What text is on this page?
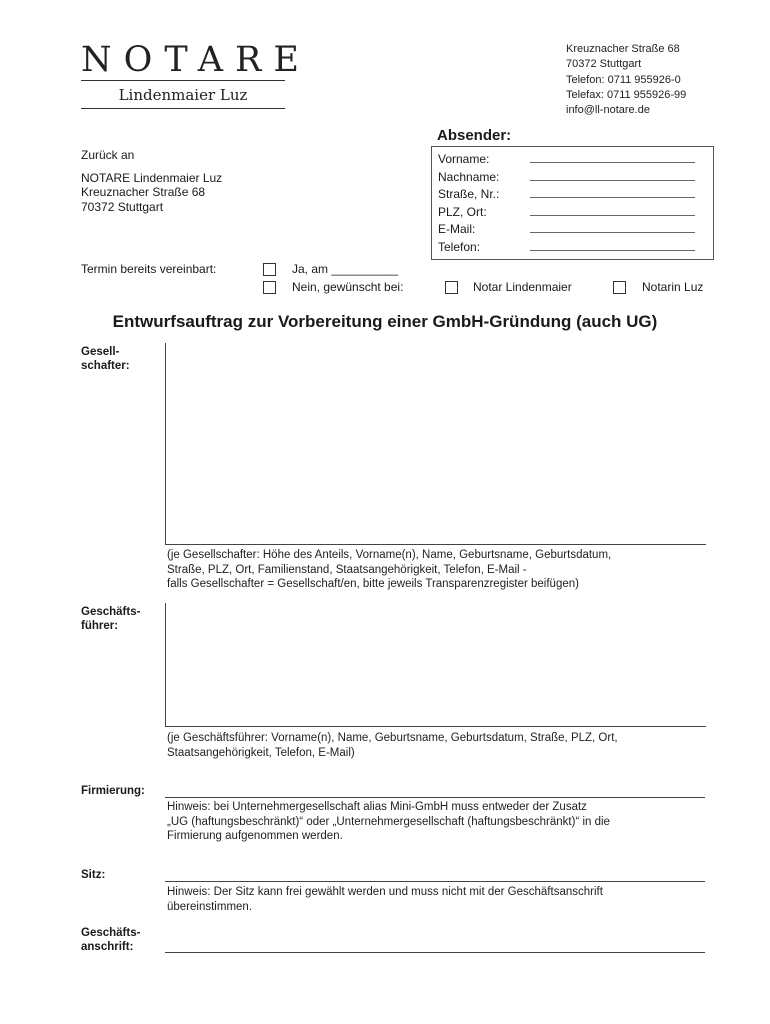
NOTARE
Lindenmaier Luz
Kreuznacher Straße 68
70372 Stuttgart
Telefon: 0711 955926-0
Telefax: 0711 955926-99
info@ll-notare.de
Absender:
Vorname:
Nachname:
Straße, Nr.:
PLZ, Ort:
E-Mail:
Telefon:
Zurück an
NOTARE Lindenmaier Luz
Kreuznacher Straße 68
70372 Stuttgart
Termin bereits vereinbart:	Ja, am __________
Nein, gewünscht bei:	Notar Lindenmaier	Notarin Luz
Entwurfsauftrag zur Vorbereitung einer GmbH-Gründung (auch UG)
Gesell-
schafter:
(je Gesellschafter: Höhe des Anteils, Vorname(n), Name, Geburtsname, Geburtsdatum,
Straße, PLZ, Ort, Familienstand, Staatsangehörigkeit, Telefon, E-Mail -
falls Gesellschafter = Gesellschaft/en, bitte jeweils Transparenzregister beifügen)
Geschäfts-
führer:
(je Geschäftsführer: Vorname(n), Name, Geburtsname, Geburtsdatum, Straße, PLZ, Ort,
Staatsangehörigkeit, Telefon, E-Mail)
Firmierung:
Hinweis: bei Unternehmergesellschaft alias Mini-GmbH muss entweder der Zusatz
„UG (haftungsbeschränkt)“ oder „Unternehmergesellschaft (haftungsbeschränkt)“ in die
Firmierung aufgenommen werden.
Sitz:
Hinweis: Der Sitz kann frei gewählt werden und muss nicht mit der Geschäftsanschrift
übereinstimmen.
Geschäfts-
anschrift:
